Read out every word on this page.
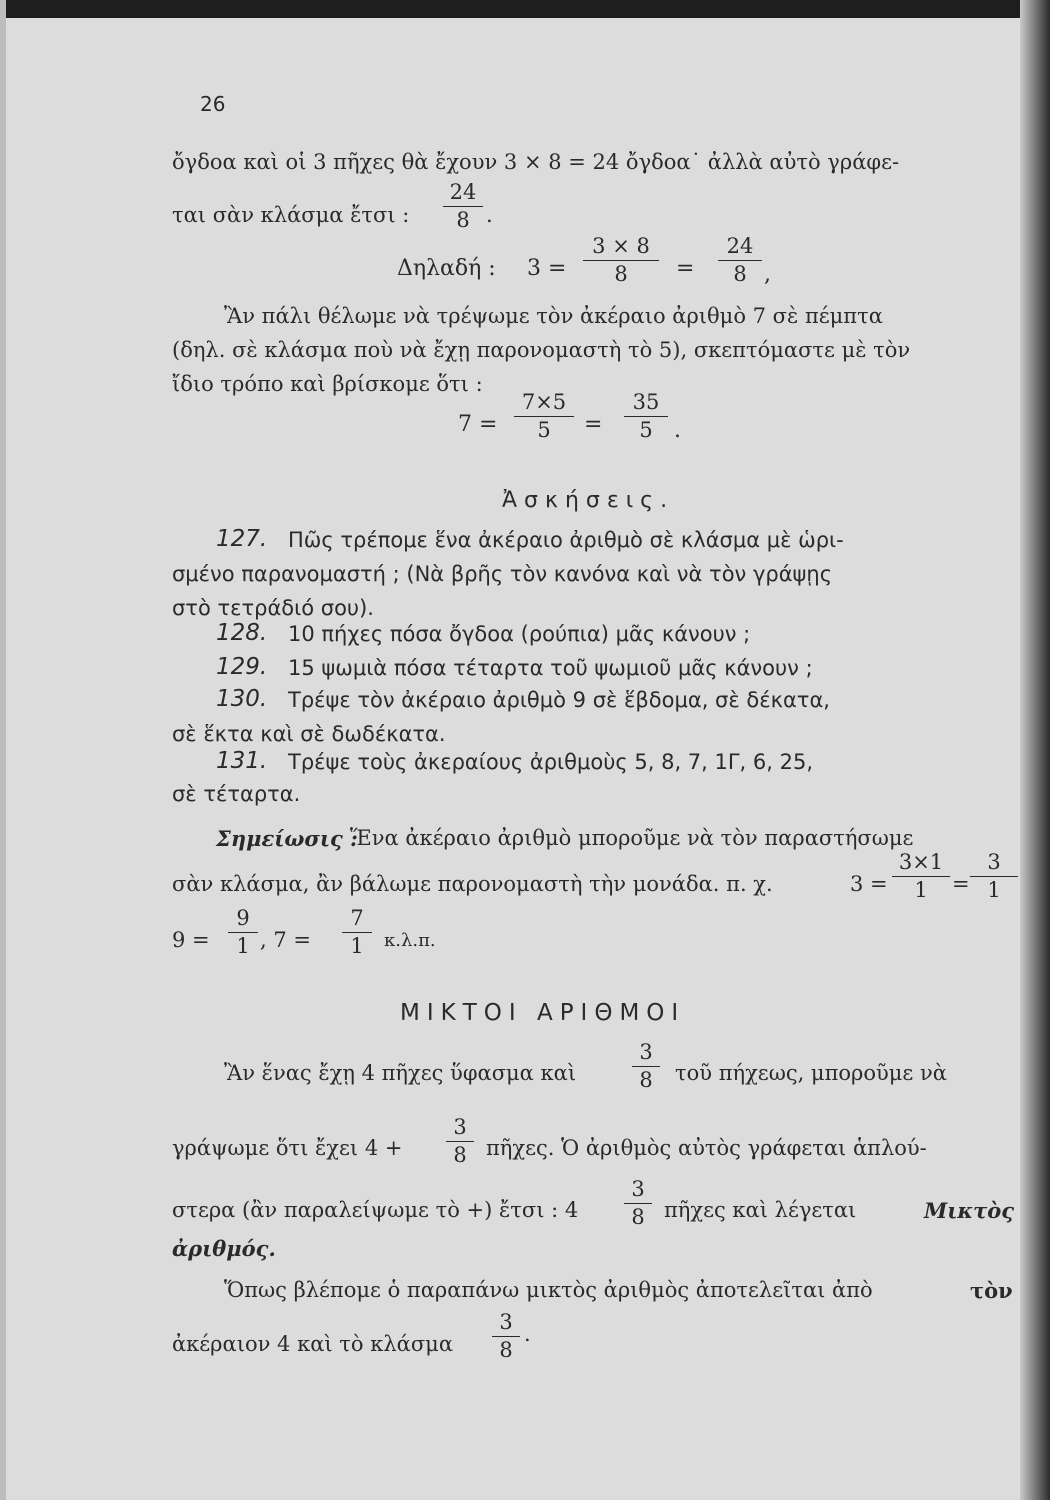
26
ὄγδοα καὶ οἱ 3 πῆχες θὰ ἔχουν 3 × 8 = 24 ὄγδοα˙ ἀλλὰ αὐτὸ γράφε-
ται σὰν κλάσμα ἔτσι :
24
8 .
Δηλαδή : 3 =
3 × 8
8	=
24
8 ,
Ἂν πάλι θέλωμε νὰ τρέψωμε τὸν ἀκέραιο ἀριθμὸ 7 σὲ πέμπτα
(δηλ. σὲ κλάσμα ποὺ νὰ ἔχῃ παρονομαστὴ τὸ 5), σκεπτόμαστε μὲ τὸν
ἴδιο τρόπο καὶ βρίσκομε ὅτι :
7 =
7×5
5	=
35
5 .
Ἀσκήσεις.
127. Πῶς τρέπομε ἕνα ἀκέραιο ἀριθμὸ σὲ κλάσμα μὲ ὡρι-
σμένο παρανομαστή ; (Νὰ βρῆς τὸν κανόνα καὶ νὰ τὸν γράψῃς
στὸ τετράδιό σου).
128. 10 πήχες πόσα ὄγδοα (ρούπια) μᾶς κάνουν ;
129. 15 ψωμιὰ πόσα τέταρτα τοῦ ψωμιοῦ μᾶς κάνουν ;
130. Τρέψε τὸν ἀκέραιο ἀριθμὸ 9 σὲ ἕβδομα, σὲ δέκατα,
σὲ ἕκτα καὶ σὲ δωδέκατα.
131. Τρέψε τοὺς ἀκεραίους ἀριθμοὺς 5, 8, 7, 1Γ, 6, 25,
σὲ τέταρτα.
Σημείωσις :
Ἕνα ἀκέραιο ἀριθμὸ μποροῦμε νὰ τὸν παραστήσωμε
σὰν κλάσμα, ἂν βάλωμε παρονομαστὴ τὴν μονάδα. π. χ.	3 =
3×1
1	=
3
1
9 =
9
1 , 7 =
7
1	κ.λ.π.
ΜΙΚΤΟΙ ΑΡΙΘΜΟΙ
Ἂν ἕνας ἔχῃ 4 πῆχες ὕφασμα καὶ
3
8	τοῦ πήχεως, μποροῦμε νὰ
γράψωμε ὅτι ἔχει 4 +
3
8 πῆχες. Ὁ ἀριθμὸς αὐτὸς γράφεται ἁπλού-
στερα (ἂν παραλείψωμε τὸ +) ἔτσι : 4
3
8 πῆχες καὶ λέγεται	Μικτὸς
ἀριθμός.
Ὅπως βλέπομε ὁ παραπάνω μικτὸς ἀριθμὸς ἀποτελεῖται ἀπὸ	τὸν
ἀκέραιον 4 καὶ τὸ κλάσμα
3
8
.
